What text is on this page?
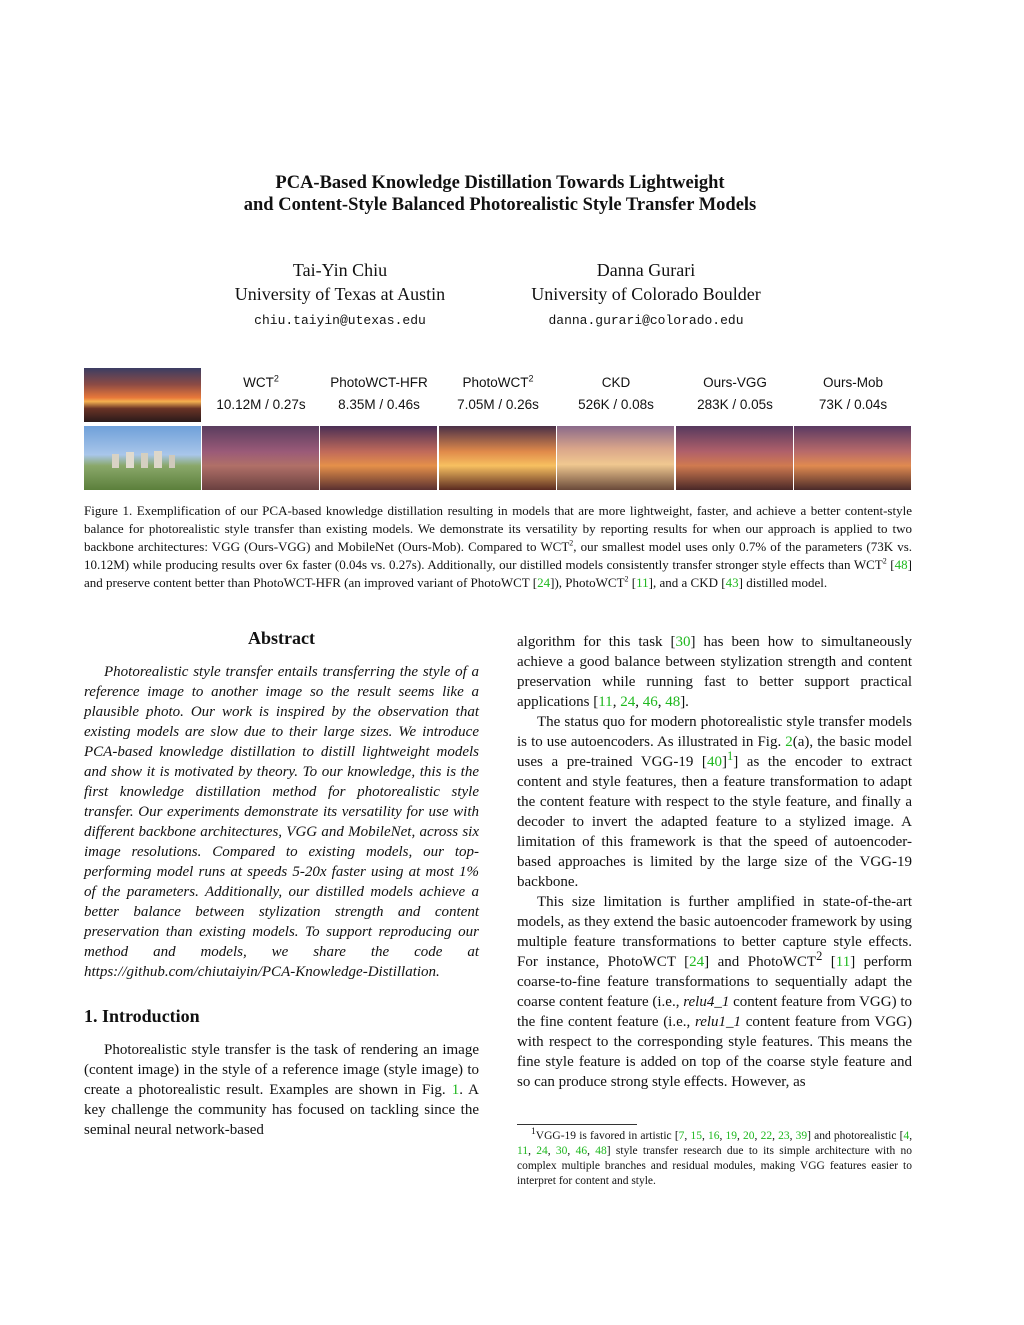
PCA-Based Knowledge Distillation Towards Lightweight
and Content-Style Balanced Photorealistic Style Transfer Models
Tai-Yin Chiu
University of Texas at Austin
chiu.taiyin@utexas.edu
Danna Gurari
University of Colorado Boulder
danna.gurari@colorado.edu
WCT$^2$
10.12M / 0.27s
PhotoWCT-HFR
8.35M / 0.46s
PhotoWCT$^2$
7.05M / 0.26s
CKD
526K / 0.08s
Ours-VGG
283K / 0.05s
Ours-Mob
73K / 0.04s
Figure 1. Exemplification of our PCA-based knowledge distillation resulting in models that are more lightweight, faster, and achieve a better content-style balance for photorealistic style transfer than existing models. We demonstrate its versatility by reporting results for when our approach is applied to two backbone architectures: VGG (Ours-VGG) and MobileNet (Ours-Mob). Compared to WCT$^2$, our smallest model uses only 0.7% of the parameters (73K vs. 10.12M) while producing results over 6x faster (0.04s vs. 0.27s). Additionally, our distilled models consistently transfer stronger style effects than WCT$^2$ [48] and preserve content better than PhotoWCT-HFR (an improved variant of PhotoWCT [24]), PhotoWCT$^2$ [11], and a CKD [43] distilled model.
Abstract

Photorealistic style transfer entails transferring the style of a reference image to another image so the result seems like a plausible photo. Our work is inspired by the observation that existing models are slow due to their large sizes. We introduce PCA-based knowledge distillation to distill lightweight models and show it is motivated by theory. To our knowledge, this is the first knowledge distillation method for photorealistic style transfer. Our experiments demonstrate its versatility for use with different backbone architectures, VGG and MobileNet, across six image resolutions. Compared to existing models, our top-performing model runs at speeds 5-20x faster using at most 1% of the parameters. Additionally, our distilled models achieve a better balance between stylization strength and content preservation than existing models. To support reproducing our method and models, we share the code at https://github.com/chiutaiyin/PCA-Knowledge-Distillation.

1. Introduction

Photorealistic style transfer is the task of rendering an image (content image) in the style of a reference image (style image) to create a photorealistic result. Examples are shown in Fig. 1. A key challenge the community has focused on tackling since the seminal neural network-based

algorithm for this task [30] has been how to simultaneously achieve a good balance between stylization strength and content preservation while running fast to better support practical applications [11, 24, 46, 48].

The status quo for modern photorealistic style transfer models is to use autoencoders. As illustrated in Fig. 2(a), the basic model uses a pre-trained VGG-19 $[40]^1$] as the encoder to extract content and style features, then a feature transformation to adapt the content feature with respect to the style feature, and finally a decoder to invert the adapted feature to a stylized image. A limitation of this framework is that the speed of autoencoder-based approaches is limited by the large size of the VGG-19 backbone.

This size limitation is further amplified in state-of-the-art models, as they extend the basic autoencoder framework by using multiple feature transformations to better capture style effects. For instance, PhotoWCT [24] and PhotoWCT$^2$ [11] perform coarse-to-fine feature transformations to sequentially adapt the coarse content feature (i.e., relu4_1 content feature from VGG) to the fine content feature (i.e., relu1_1 content feature from VGG) with respect to the corresponding style features. This means the fine style feature is added on top of the coarse style feature and so can produce strong style effects. However, as

$^1$VGG-19 is favored in artistic [7, 15, 16, 19, 20, 22, 23, 39] and photorealistic [4, 11, 24, 30, 46, 48] style transfer research due to its simple architecture with no complex multiple branches and residual modules, making VGG features easier to interpret for content and style.
